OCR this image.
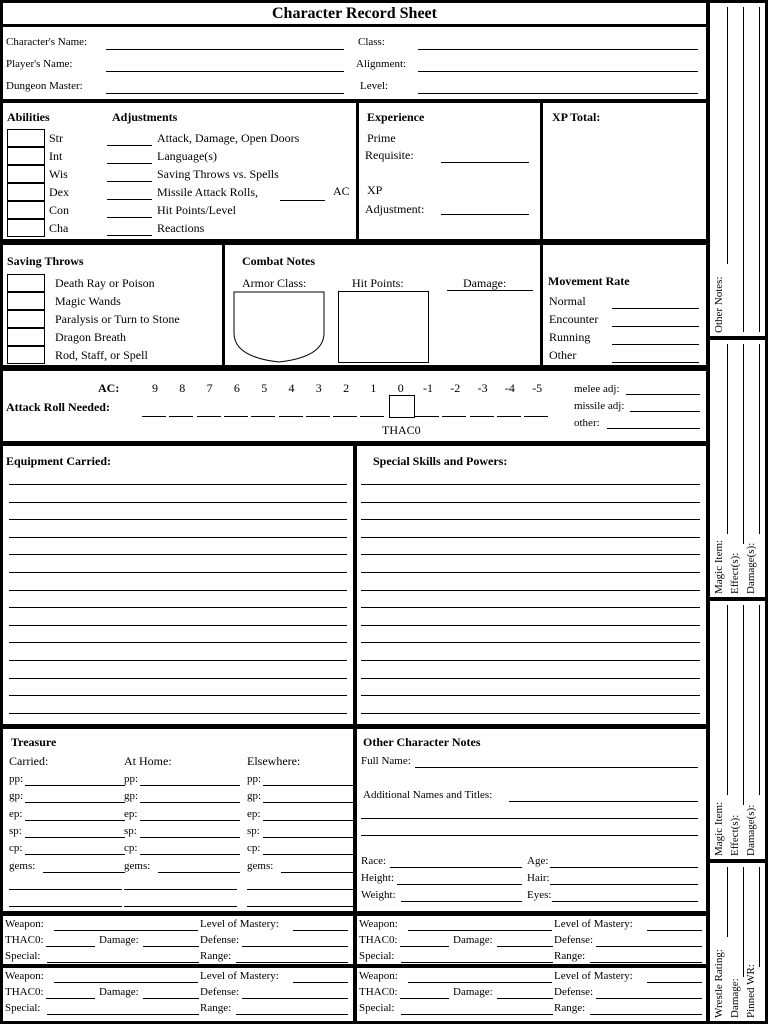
Character Record Sheet
Character's Name:
Player's Name:
Dungeon Master:
Class:
Alignment:
Level:
Abilities	Adjustments
Str	Attack, Damage, Open Doors
Int	Language(s)
Wis	Saving Throws vs. Spells
Dex	Missile Attack Rolls,
Con	Hit Points/Level
Cha	Reactions
AC
Experience
Prime
Requisite:
XP
Adjustment:
XP Total:
Saving Throws
Death Ray or Poison
Magic Wands
Paralysis or Turn to Stone
Dragon Breath
Rod, Staff, or Spell
Combat Notes
Armor Class:	Hit Points:	Damage:	Movement Rate
Normal
Encounter
Running
Other
AC:
Attack Roll Needed:
9	8	7	6	5	4	3	2	1	0	-1	-2	-3	-4	-5
THAC0
melee adj:
missile adj:
other:
Equipment Carried:	Special Skills and Powers:
Treasure
Carried:	At Home:	Elsewhere:
pp:	pp:	pp:
gp:	gp:	gp:
ep:	ep:	ep:
sp:	sp:	sp:
cp:	cp:	cp:
gems:	gems:	gems:
Other Character Notes
Full Name:
Additional Names and Titles:
Race:	Age:
Height:	Hair:
Weight:	Eyes:
Weapon:	Level of Mastery:
THAC0:	Damage:	Defense:
Special:	Range:
Weapon:	Level of Mastery:
THAC0:	Damage:	Defense:
Special:	Range:
Weapon:	Level of Mastery:
THAC0:	Damage:	Defense:
Special:	Range:
Weapon:	Level of Mastery:
THAC0:	Damage:	Defense:
Special:	Range:
Other Notes:
Magic Item: Effect(s): Damage(s):
Magic Item: Effect(s): Damage(s):
Wrestle Rating: Damage: Pinned WR:
